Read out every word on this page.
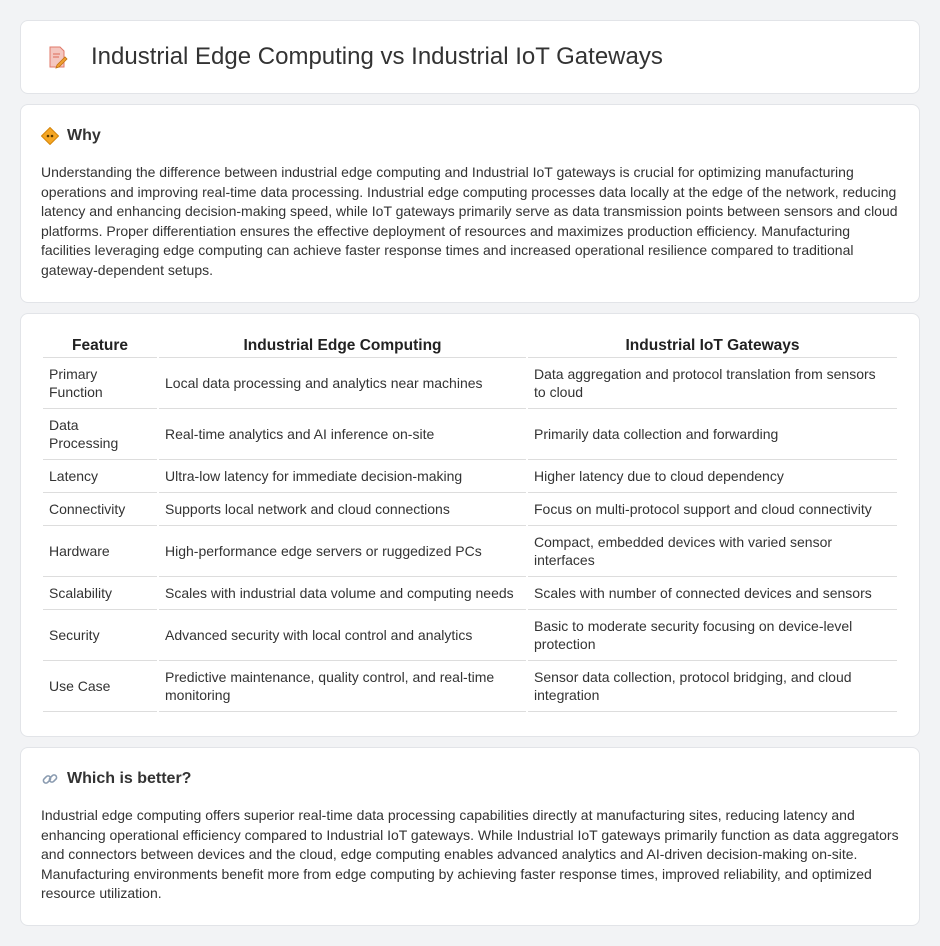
Industrial Edge Computing vs Industrial IoT Gateways
Why

Understanding the difference between industrial edge computing and Industrial IoT gateways is crucial for optimizing manufacturing operations and improving real-time data processing. Industrial edge computing processes data locally at the edge of the network, reducing latency and enhancing decision-making speed, while IoT gateways primarily serve as data transmission points between sensors and cloud platforms. Proper differentiation ensures the effective deployment of resources and maximizes production efficiency. Manufacturing facilities leveraging edge computing can achieve faster response times and increased operational resilience compared to traditional gateway-dependent setups.

Feature	Industrial Edge Computing	Industrial IoT Gateways
Primary Function	Local data processing and analytics near machines	Data aggregation and protocol translation from sensors to cloud
Data Processing	Real-time analytics and AI inference on-site	Primarily data collection and forwarding
Latency	Ultra-low latency for immediate decision-making	Higher latency due to cloud dependency
Connectivity	Supports local network and cloud connections	Focus on multi-protocol support and cloud connectivity
Hardware	High-performance edge servers or ruggedized PCs	Compact, embedded devices with varied sensor interfaces
Scalability	Scales with industrial data volume and computing needs	Scales with number of connected devices and sensors
Security	Advanced security with local control and analytics	Basic to moderate security focusing on device-level protection
Use Case	Predictive maintenance, quality control, and real-time monitoring	Sensor data collection, protocol bridging, and cloud integration
Which is better?

Industrial edge computing offers superior real-time data processing capabilities directly at manufacturing sites, reducing latency and enhancing operational efficiency compared to Industrial IoT gateways. While Industrial IoT gateways primarily function as data aggregators and connectors between devices and the cloud, edge computing enables advanced analytics and AI-driven decision-making on-site. Manufacturing environments benefit more from edge computing by achieving faster response times, improved reliability, and optimized resource utilization.
